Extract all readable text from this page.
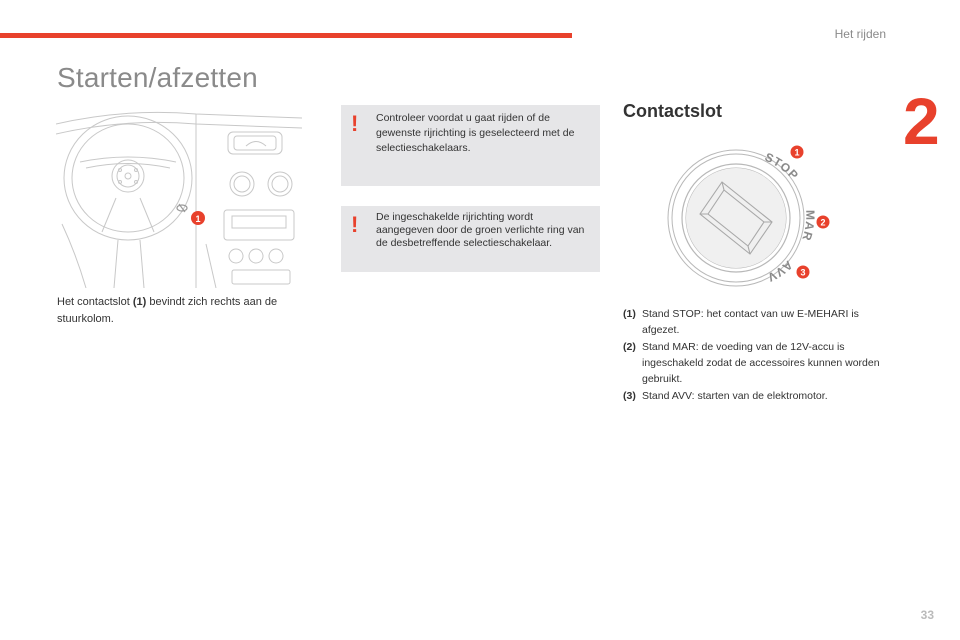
Het rijden
2
Starten/afzetten
1

Het contactslot (1) bevindt zich rechts aan de stuurkolom.

! Controleer voordat u gaat rijden of de gewenste rijrichting is geselecteerd met de selectieschakelaars.

! De ingeschakelde rijrichting wordt aangegeven door de groen verlichte ring van de desbetreffende selectieschakelaar.

Contactslot
STOP
MAR
AVV
1
2
3
(1) Stand STOP: het contact van uw E-MEHARI is afgezet.
(2) Stand MAR: de voeding van de 12V-accu is ingeschakeld zodat de accessoires kunnen worden gebruikt.
(3) Stand AVV: starten van de elektromotor.
33
